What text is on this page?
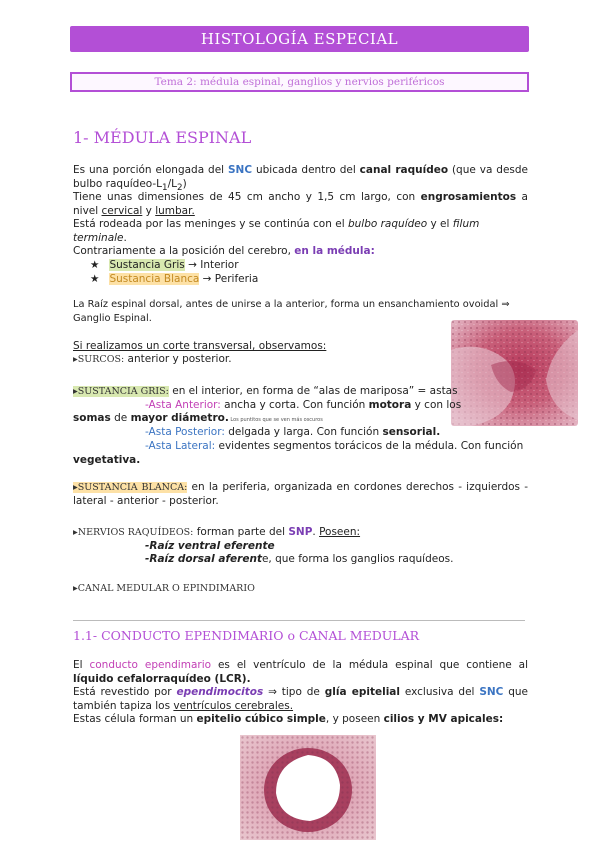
HISTOLOGÍA ESPECIAL
Tema 2: médula espinal, ganglios y nervios periféricos
1- MÉDULA ESPINAL
Es una porción elongada del SNC ubicada dentro del canal raquídeo (que va desde bulbo raquídeo-$L_1/L_2$)
Tiene unas dimensiones de 45 cm ancho y 1,5 cm largo, con engrosamientos a nivel cervical y lumbar.
Está rodeada por las meninges y se continúa con el bulbo raquídeo y el filum terminale.
Contrariamente a la posición del cerebro, en la médula:
★ Sustancia Gris → Interior
★ Sustancia Blanca → Periferia
La Raíz espinal dorsal, antes de unirse a la anterior, forma un ensanchamiento ovoidal ⇒ Ganglio Espinal.
Si realizamos un corte transversal, observamos:
▸SURCOS: anterior y posterior.
▸SUSTANCIA GRIS: en el interior, en forma de “alas de mariposa” = astas
-Asta Anterior: ancha y corta. Con función motora y con los
somas de mayor diámetro. Los puntitos que se ven más oscuros
-Asta Posterior: delgada y larga. Con función sensorial.
-Asta Lateral: evidentes segmentos torácicos de la médula. Con función
vegetativa.
▸SUSTANCIA BLANCA: en la periferia, organizada en cordones derechos - izquierdos - lateral - anterior - posterior.
▸NERVIOS RAQUÍDEOS: forman parte del SNP. Poseen:
-Raíz ventral eferente
-Raíz dorsal aferente, que forma los ganglios raquídeos.
▸CANAL MEDULAR O EPINDIMARIO
1.1- CONDUCTO EPENDIMARIO o CANAL MEDULAR
El conducto ependimario es el ventrículo de la médula espinal que contiene al líquido cefalorraquídeo (LCR).
Está revestido por ependimocitos ⇒ tipo de glía epitelial exclusiva del SNC que también tapiza los ventrículos cerebrales.
Estas célula forman un epitelio cúbico simple, y poseen cilios y MV apicales:
